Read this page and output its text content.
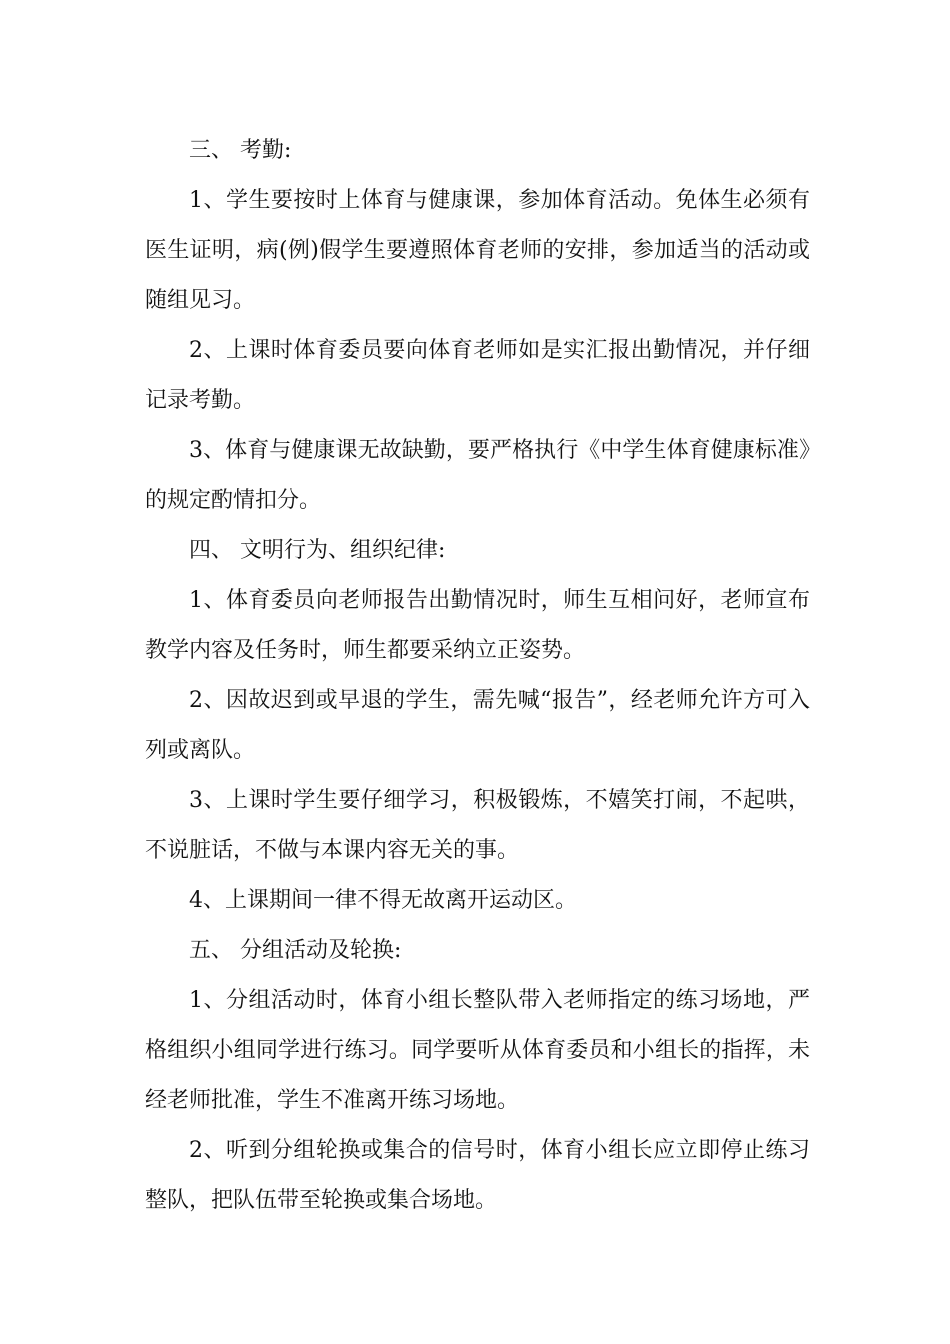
三、 考勤:

1、学生要按时上体育与健康课，参加体育活动。免体生必须有医生证明，病(例)假学生要遵照体育老师的安排，参加适当的活动或随组见习。

2、上课时体育委员要向体育老师如是实汇报出勤情况，并仔细记录考勤。

3、体育与健康课无故缺勤，要严格执行《中学生体育健康标准》的规定酌情扣分。

四、 文明行为、组织纪律:

1、体育委员向老师报告出勤情况时，师生互相问好，老师宣布教学内容及任务时，师生都要采纳立正姿势。

2、因故迟到或早退的学生，需先喊“报告”，经老师允许方可入列或离队。

3、上课时学生要仔细学习，积极锻炼，不嬉笑打闹，不起哄，不说脏话，不做与本课内容无关的事。

4、上课期间一律不得无故离开运动区。

五、 分组活动及轮换:

1、分组活动时，体育小组长整队带入老师指定的练习场地，严格组织小组同学进行练习。同学要听从体育委员和小组长的指挥，未经老师批准，学生不准离开练习场地。

2、听到分组轮换或集合的信号时，体育小组长应立即停止练习整队，把队伍带至轮换或集合场地。
